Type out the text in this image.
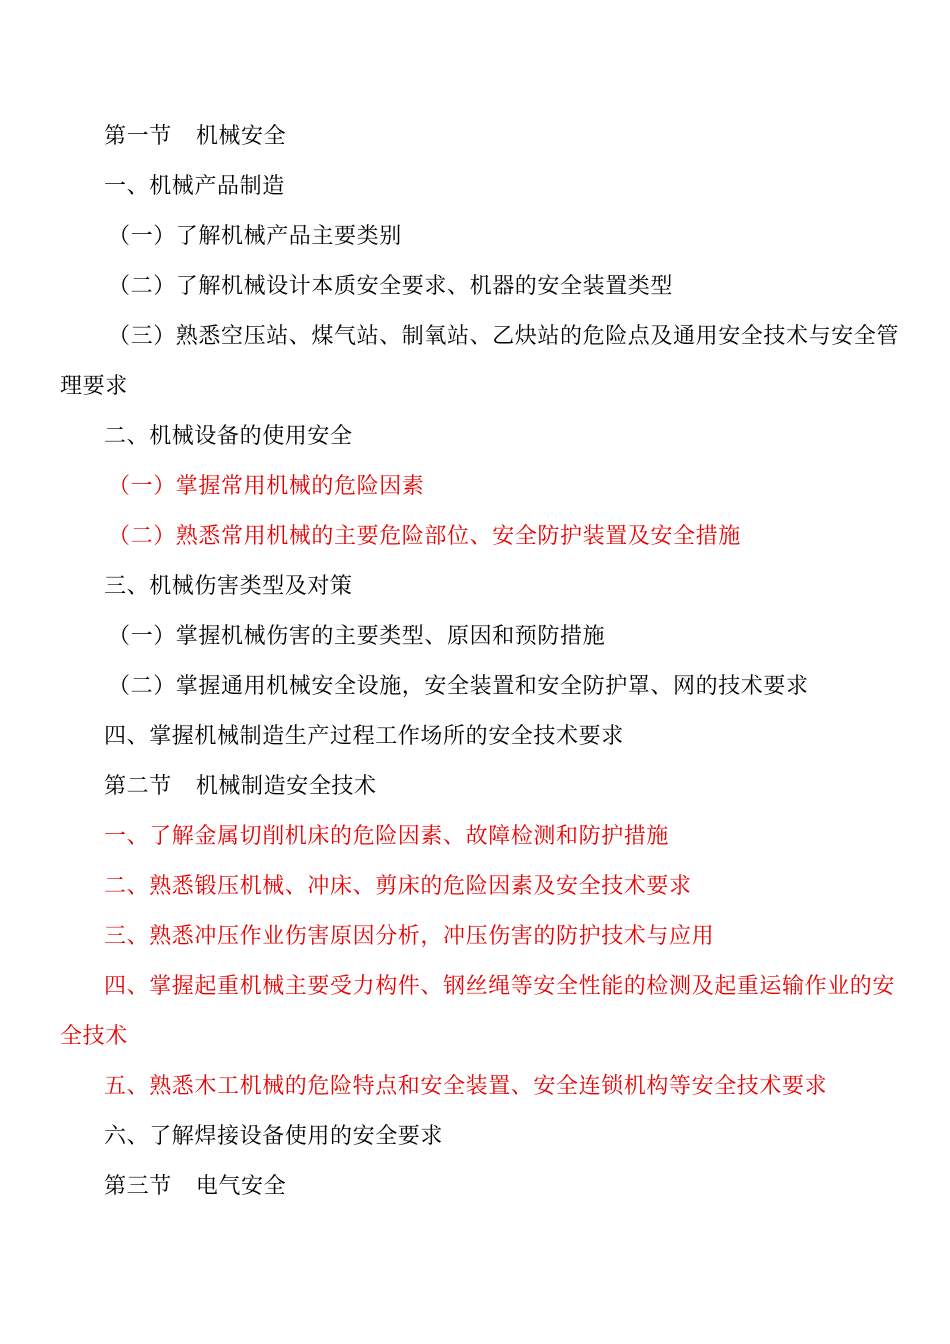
第一节 机械安全
一、机械产品制造
（一）了解机械产品主要类别
（二）了解机械设计本质安全要求、机器的安全装置类型
（三）熟悉空压站、煤气站、制氧站、乙炔站的危险点及通用安全技术与安全管
理要求
二、机械设备的使用安全
（一）掌握常用机械的危险因素
（二）熟悉常用机械的主要危险部位、安全防护装置及安全措施
三、机械伤害类型及对策
（一）掌握机械伤害的主要类型、原因和预防措施
（二）掌握通用机械安全设施，安全装置和安全防护罩、网的技术要求
四、掌握机械制造生产过程工作场所的安全技术要求
第二节 机械制造安全技术
一、了解金属切削机床的危险因素、故障检测和防护措施
二、熟悉锻压机械、冲床、剪床的危险因素及安全技术要求
三、熟悉冲压作业伤害原因分析，冲压伤害的防护技术与应用
四、掌握起重机械主要受力构件、钢丝绳等安全性能的检测及起重运输作业的安
全技术
五、熟悉木工机械的危险特点和安全装置、安全连锁机构等安全技术要求
六、了解焊接设备使用的安全要求
第三节 电气安全
